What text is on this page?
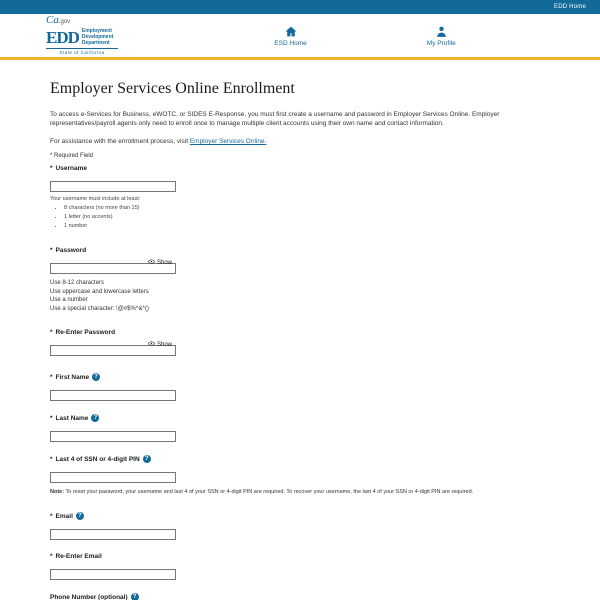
EDD Home
Ca.gov
EDD Employment
Development
Department
State of California
ESD Home	My Profile
Employer Services Online Enrollment

To access e-Services for Business, eWOTC, or SIDES E-Response, you must first create a username and password in Employer Services Online. Employer representatives/payroll agents only need to enroll once to manage multiple client accounts using their own name and contact information.

For assistance with the enrollment process, visit Employer Services Online.

* Required Field
* Username
Your username must include at least:
• 8 characters (no more than 15)
• 1 letter (no accents)
• 1 number
* Password
Show
Use 8-12 characters
Use uppercase and lowercase letters
Use a number
Use a special character: !@#$%^&*()
* Re-Enter Password
Show
* First Name ?
* Last Name ?
* Last 4 of SSN or 4-digit PIN ?
Note: To reset your password, your username and last 4 of your SSN or 4-digit PIN are required. To recover your username, the last 4 of your SSN or 4-digit PIN are required.
* Email ?
* Re-Enter Email
Phone Number (optional) ?
